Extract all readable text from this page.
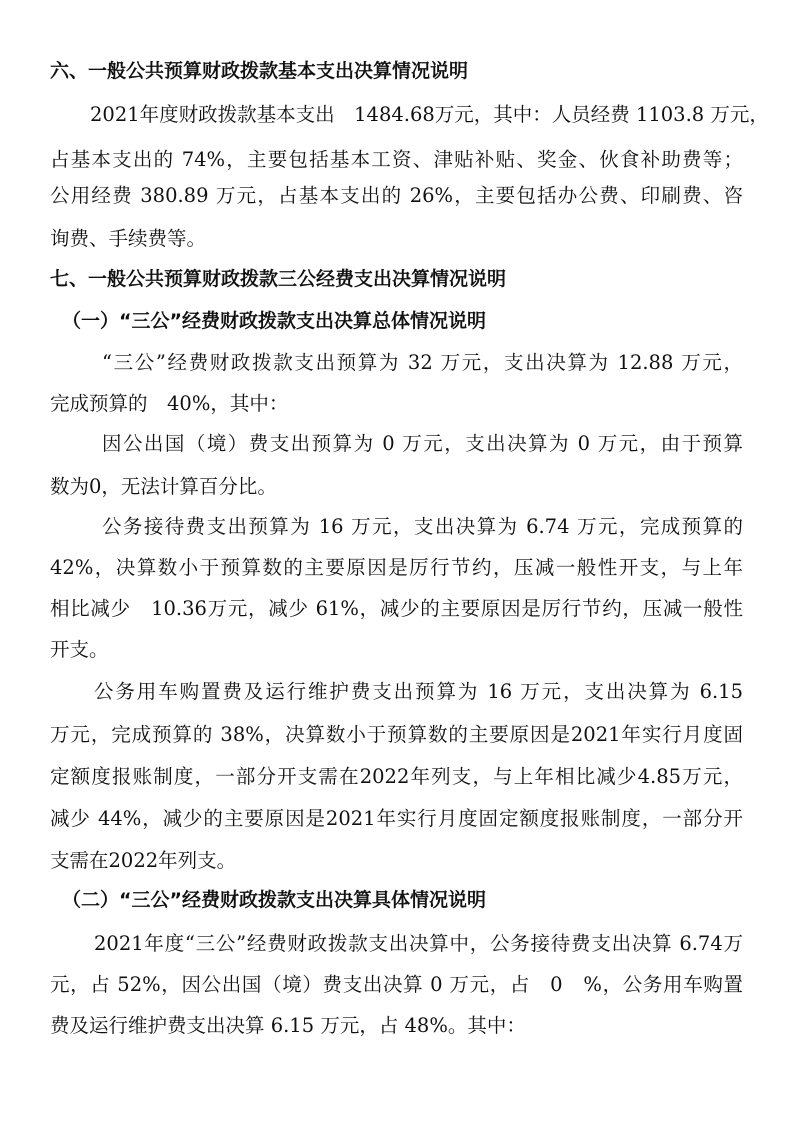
六、一般公共预算财政拨款基本支出决算情况说明
2021年度财政拨款基本支出　1484.68万元，其中：人员经费 1103.8 万元，
占基本支出的 74%，主要包括基本工资、津贴补贴、奖金、伙食补助费等；
公用经费 380.89 万元，占基本支出的 26%，主要包括办公费、印刷费、咨
询费、手续费等。
七、一般公共预算财政拨款三公经费支出决算情况说明
（一）“三公”经费财政拨款支出决算总体情况说明
“三公”经费财政拨款支出预算为 32 万元，支出决算为 12.88 万元，
完成预算的　40%，其中：
因公出国（境）费支出预算为 0 万元，支出决算为 0 万元，由于预算
数为0，无法计算百分比。
公务接待费支出预算为 16 万元，支出决算为 6.74 万元，完成预算的
42%，决算数小于预算数的主要原因是厉行节约，压减一般性开支，与上年
相比减少　10.36万元，减少 61%，减少的主要原因是厉行节约，压减一般性
开支。
公务用车购置费及运行维护费支出预算为 16 万元，支出决算为 6.15
万元，完成预算的 38%，决算数小于预算数的主要原因是2021年实行月度固
定额度报账制度，一部分开支需在2022年列支，与上年相比减少4.85万元，
减少 44%，减少的主要原因是2021年实行月度固定额度报账制度，一部分开
支需在2022年列支。
（二）“三公”经费财政拨款支出决算具体情况说明
2021年度“三公”经费财政拨款支出决算中，公务接待费支出决算 6.74万
元，占 52%，因公出国（境）费支出决算 0 万元，占　0　%，公务用车购置
费及运行维护费支出决算 6.15 万元，占 48%。其中：
